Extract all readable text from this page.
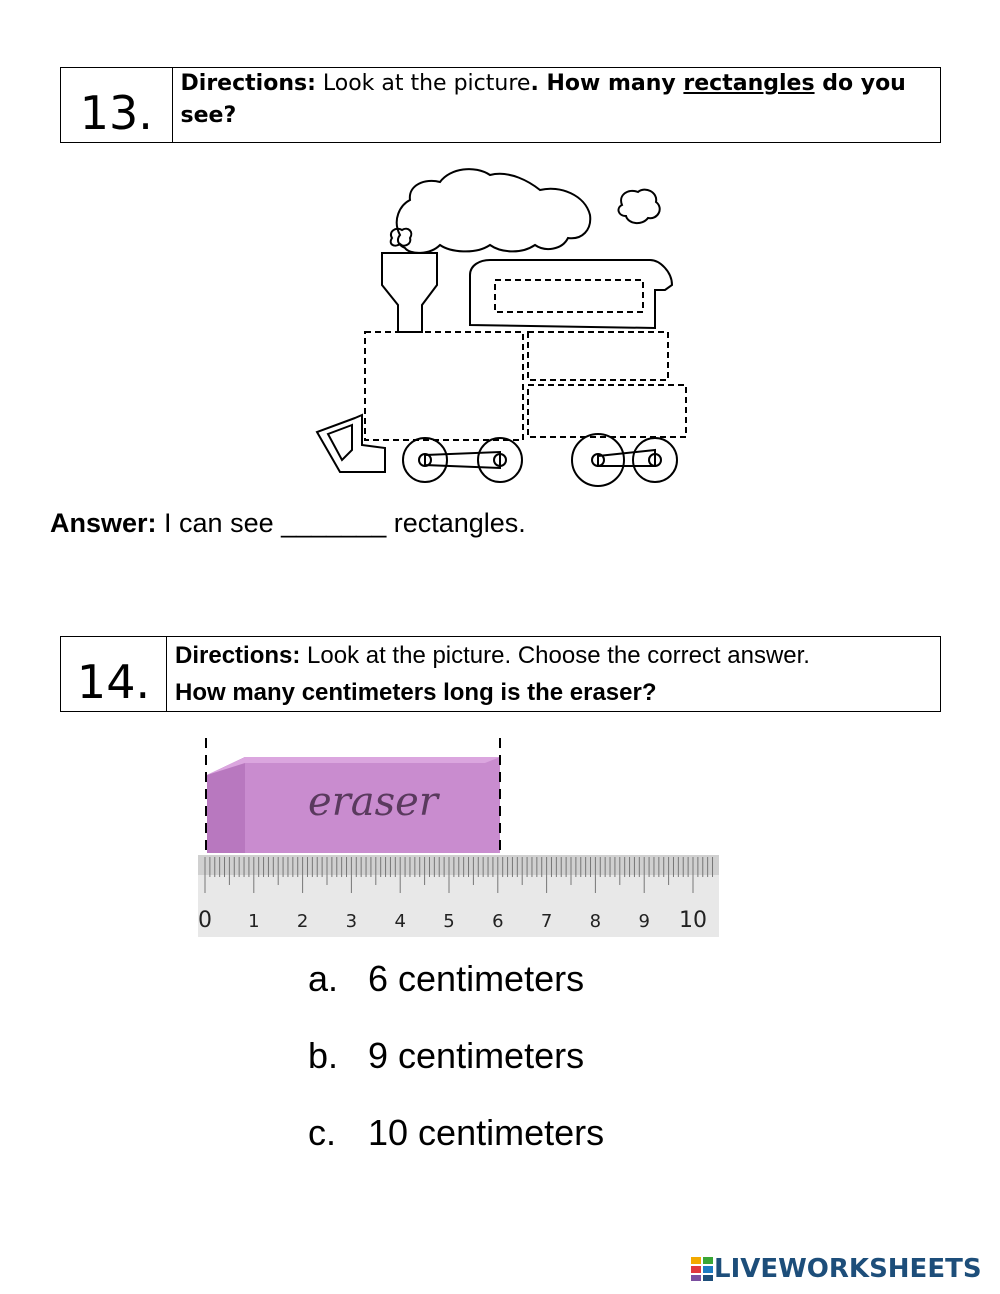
13.
Directions: Look at the picture. How many rectangles do you see?
Answer: I can see _______ rectangles.
14.	Directions: Look at the picture. Choose the correct answer.
How many centimeters long is the eraser?
eraser
0 1 2 3 4 5 6 7 8 9 10
a. 6 centimeters
b. 9 centimeters
c. 10 centimeters
LIVEWORKSHEETS
